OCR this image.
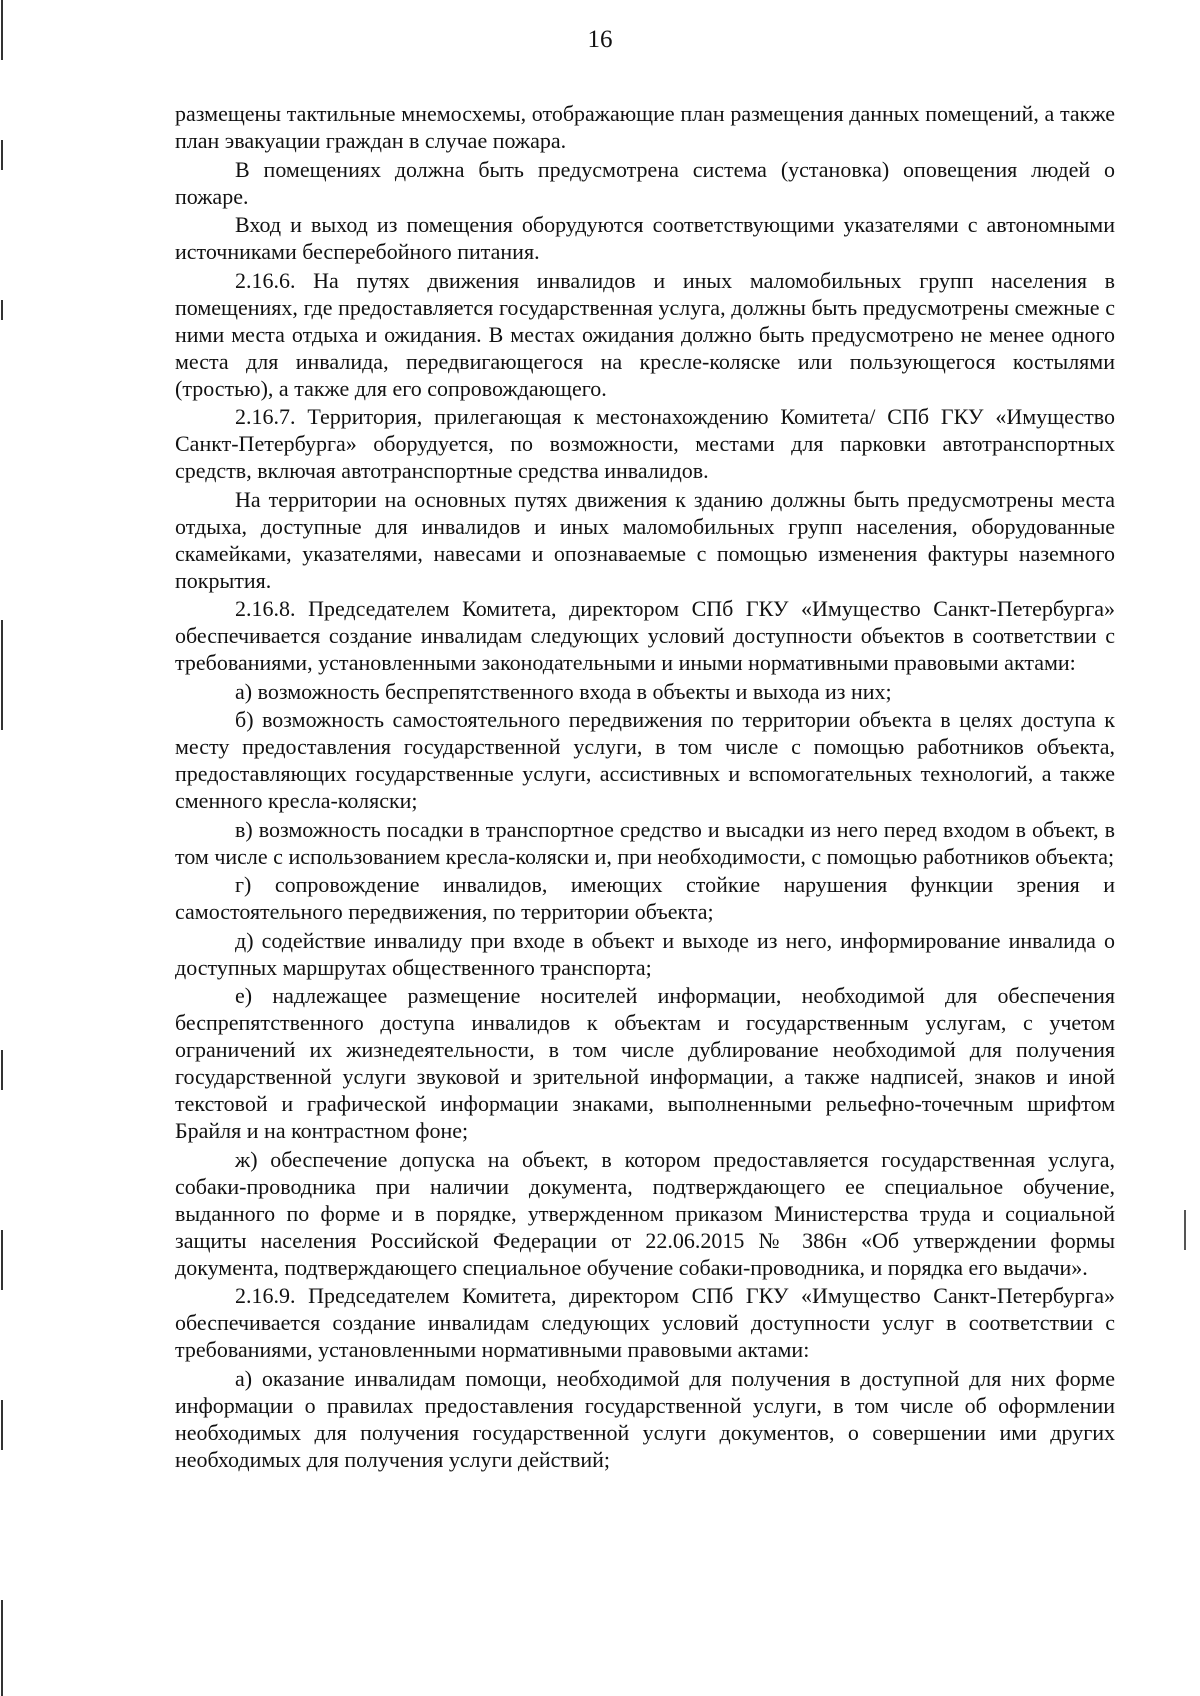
16

размещены тактильные мнемосхемы, отображающие план размещения данных помещений, а также план эвакуации граждан в случае пожара.

В помещениях должна быть предусмотрена система (установка) оповещения людей о пожаре.

Вход и выход из помещения оборудуются соответствующими указателями с автономными источниками бесперебойного питания.

2.16.6. На путях движения инвалидов и иных маломобильных групп населения в помещениях, где предоставляется государственная услуга, должны быть предусмотрены смежные с ними места отдыха и ожидания. В местах ожидания должно быть предусмотрено не менее одного места для инвалида, передвигающегося на кресле-коляске или пользующегося костылями (тростью), а также для его сопровождающего.

2.16.7. Территория, прилегающая к местонахождению Комитета/ СПб ГКУ «Имущество Санкт-Петербурга» оборудуется, по возможности, местами для парковки автотранспортных средств, включая автотранспортные средства инвалидов.

На территории на основных путях движения к зданию должны быть предусмотрены места отдыха, доступные для инвалидов и иных маломобильных групп населения, оборудованные скамейками, указателями, навесами и опознаваемые с помощью изменения фактуры наземного покрытия.

2.16.8. Председателем Комитета, директором СПб ГКУ «Имущество Санкт-Петербурга» обеспечивается создание инвалидам следующих условий доступности объектов в соответствии с требованиями, установленными законодательными и иными нормативными правовыми актами:

а) возможность беспрепятственного входа в объекты и выхода из них;

б) возможность самостоятельного передвижения по территории объекта в целях доступа к месту предоставления государственной услуги, в том числе с помощью работников объекта, предоставляющих государственные услуги, ассистивных и вспомогательных технологий, а также сменного кресла-коляски;

в) возможность посадки в транспортное средство и высадки из него перед входом в объект, в том числе с использованием кресла-коляски и, при необходимости, с помощью работников объекта;

г) сопровождение инвалидов, имеющих стойкие нарушения функции зрения и самостоятельного передвижения, по территории объекта;

д) содействие инвалиду при входе в объект и выходе из него, информирование инвалида о доступных маршрутах общественного транспорта;

е) надлежащее размещение носителей информации, необходимой для обеспечения беспрепятственного доступа инвалидов к объектам и государственным услугам, с учетом ограничений их жизнедеятельности, в том числе дублирование необходимой для получения государственной услуги звуковой и зрительной информации, а также надписей, знаков и иной текстовой и графической информации знаками, выполненными рельефно-точечным шрифтом Брайля и на контрастном фоне;

ж) обеспечение допуска на объект, в котором предоставляется государственная услуга, собаки-проводника при наличии документа, подтверждающего ее специальное обучение, выданного по форме и в порядке, утвержденном приказом Министерства труда и социальной защиты населения Российской Федерации от 22.06.2015 № 386н «Об утверждении формы документа, подтверждающего специальное обучение собаки-проводника, и порядка его выдачи».

2.16.9. Председателем Комитета, директором СПб ГКУ «Имущество Санкт-Петербурга» обеспечивается создание инвалидам следующих условий доступности услуг в соответствии с требованиями, установленными нормативными правовыми актами:

а) оказание инвалидам помощи, необходимой для получения в доступной для них форме информации о правилах предоставления государственной услуги, в том числе об оформлении необходимых для получения государственной услуги документов, о совершении ими других необходимых для получения услуги действий;
